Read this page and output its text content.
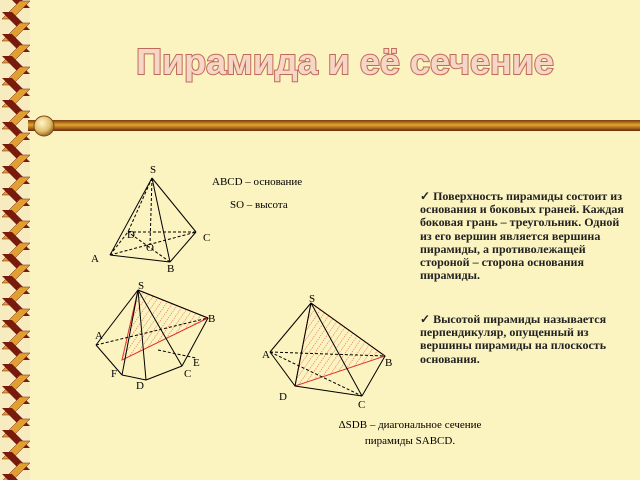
Пирамида и её сечение
S
D	C
O
A
B
ABCD – основание
SO – высота
S
B
A
E
F	C
D
S
A
B
D
C
ΔSDB – диагональное сечение
пирамиды SABCD.
✓ Поверхность пирамиды состоит из основания и боковых граней. Каждая боковая грань – треугольник. Одной из его вершин является вершина пирамиды, а противолежащей стороной – сторона основания пирамиды.
✓ Высотой пирамиды называется перпендикуляр, опущенный из вершины пирамиды на плоскость основания.
